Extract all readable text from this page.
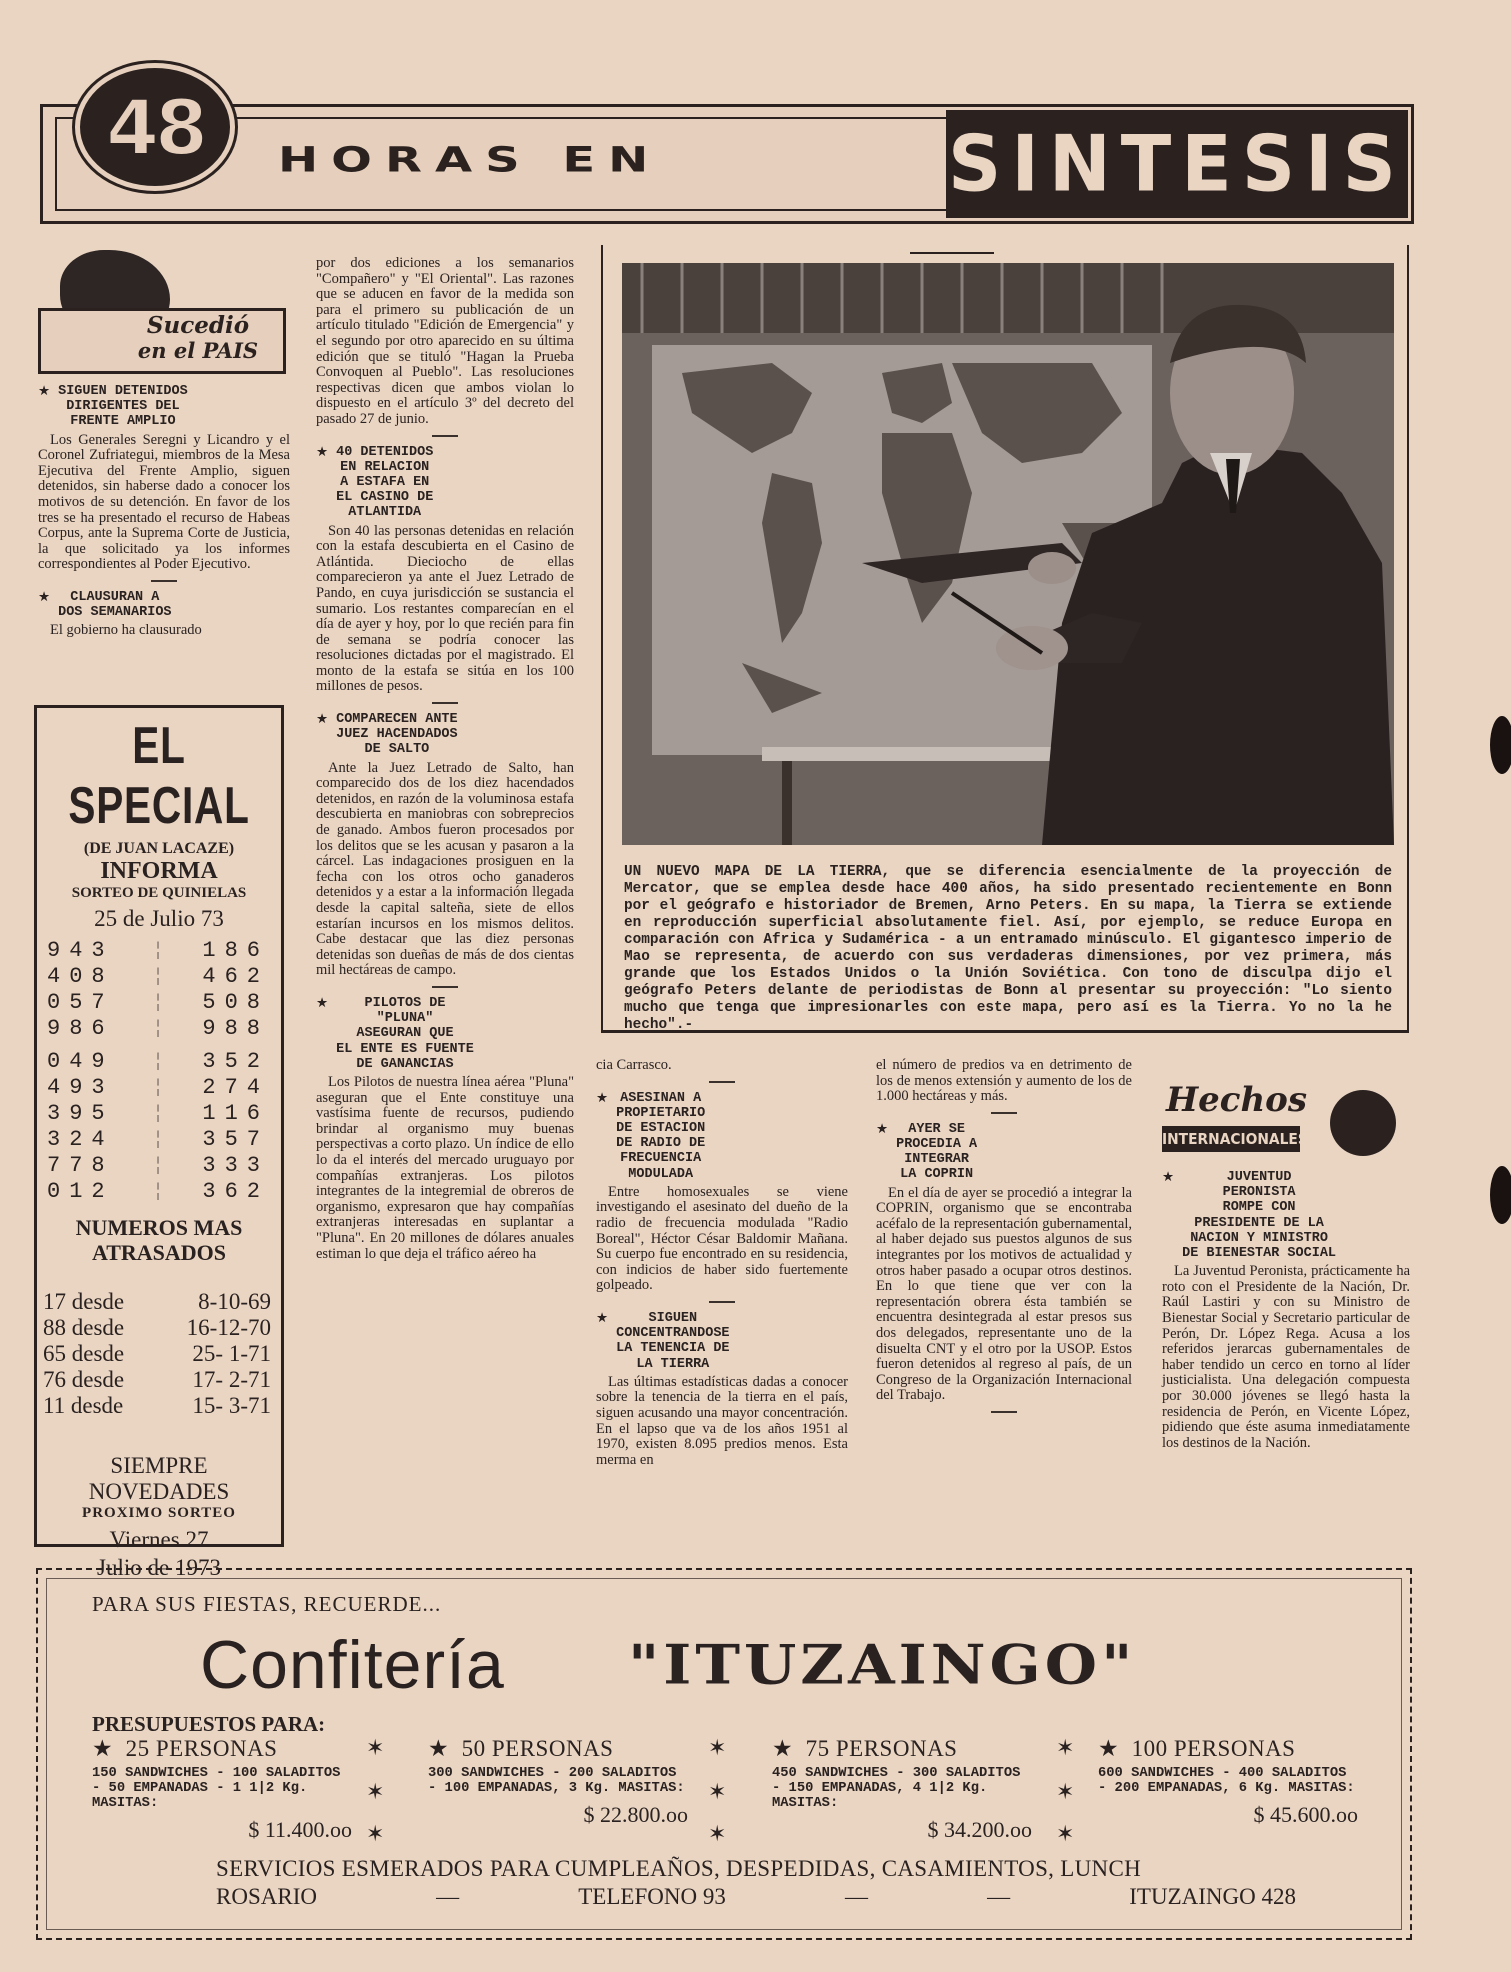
48 HORAS EN	SINTESIS
Sucedió
en el PAIS
★ SIGUEN DETENIDOS
DIRIGENTES DEL
FRENTE AMPLIO

Los Generales Seregni y Licandro y el Coronel Zufriategui, miembros de la Mesa Ejecutiva del Frente Amplio, siguen detenidos, sin haberse dado a conocer los motivos de su detención. En favor de los tres se ha presentado el recurso de Habeas Corpus, ante la Suprema Corte de Justicia, la que solicitado ya los informes correspondientes al Poder Ejecutivo.

★ CLAUSURAN A
DOS SEMANARIOS

El gobierno ha clausurado

EL SPECIAL
(DE JUAN LACAZE)
INFORMA
SORTEO DE QUINIELAS
25 de Julio 73
943 ¦ 186
408 ¦ 462
057 ¦ 508
986 ¦ 988
049 ¦ 352
493 ¦ 274
395 ¦ 116
324 ¦ 357
778 ¦ 333
012 ¦ 362
NUMEROS MAS
ATRASADOS
17 desde	8-10-69
88 desde	16-12-70
65 desde	25- 1-71
76 desde	17- 2-71
11 desde	15- 3-71
SIEMPRE
NOVEDADES
PROXIMO SORTEO
Viernes 27
Julio de 1973

por dos ediciones a los semanarios "Compañero" y "El Oriental". Las razones que se aducen en favor de la medida son para el primero su publicación de un artículo titulado "Edición de Emergencia" y el segundo por otro aparecido en su última edición que se tituló "Hagan la Prueba Convoquen al Pueblo". Las resoluciones respectivas dicen que ambos violan lo dispuesto en el artículo 3º del decreto del pasado 27 de junio.

★ 40 DETENIDOS
EN RELACION
A ESTAFA EN
EL CASINO DE
ATLANTIDA

Son 40 las personas detenidas en relación con la estafa descubierta en el Casino de Atlántida. Dieciocho de ellas comparecieron ya ante el Juez Letrado de Pando, en cuya jurisdicción se sustancia el sumario. Los restantes comparecían en el día de ayer y hoy, por lo que recién para fin de semana se podría conocer las resoluciones dictadas por el magistrado. El monto de la estafa se sitúa en los 100 millones de pesos.

★ COMPARECEN ANTE
JUEZ HACENDADOS
DE SALTO

Ante la Juez Letrado de Salto, han comparecido dos de los diez hacendados detenidos, en razón de la voluminosa estafa descubierta en maniobras con sobreprecios de ganado. Ambos fueron procesados por los delitos que se les acusan y pasaron a la cárcel. Las indagaciones prosiguen en la fecha con los otros ocho ganaderos detenidos y a estar a la información llegada desde la capital salteña, siete de ellos estarían incursos en los mismos delitos. Cabe destacar que las diez personas detenidas son dueñas de más de dos cientas mil hectáreas de campo.

★	PILOTOS DE
"PLUNA"
ASEGURAN QUE
EL ENTE ES FUENTE
DE GANANCIAS

Los Pilotos de nuestra línea aérea "Pluna" aseguran que el Ente constituye una vastísima fuente de recursos, pudiendo brindar al organismo muy buenas perspectivas a corto plazo. Un índice de ello lo da el interés del mercado uruguayo por compañías extranjeras. Los pilotos integrantes de la integremial de obreros de organismo, expresaron que hay compañías extranjeras interesadas en suplantar a "Pluna". En 20 millones de dólares anuales estiman lo que deja el tráfico aéreo ha

UN NUEVO MAPA DE LA TIERRA, que se diferencia esencialmente de la proyección de Mercator, que se emplea desde hace 400 años, ha sido presentado recientemente en Bonn por el geógrafo e historiador de Bremen, Arno Peters. En su mapa, la Tierra se extiende en reproducción superficial absolutamente fiel. Así, por ejemplo, se reduce Europa en comparación con Africa y Sudamérica - a un entramado minúsculo. El gigantesco imperio de Mao se representa, de acuerdo con sus verdaderas dimensiones, por vez primera, más grande que los Estados Unidos o la Unión Soviética. Con tono de disculpa dijo el geógrafo Peters delante de periodistas de Bonn al presentar su proyección: "Lo siento mucho que tenga que impresionarles con este mapa, pero así es la Tierra. Yo no la he hecho".-

cia Carrasco.

★ ASESINAN A
PROPIETARIO
DE ESTACION
DE RADIO DE
FRECUENCIA
MODULADA

Entre homosexuales se viene investigando el asesinato del dueño de la radio de frecuencia modulada "Radio Boreal", Héctor César Baldomir Mañana. Su cuerpo fue encontrado en su residencia, con indicios de haber sido fuertemente golpeado.

★	SIGUEN
CONCENTRANDOSE
LA TENENCIA DE
LA TIERRA

Las últimas estadísticas dadas a conocer sobre la tenencia de la tierra en el país, siguen acusando una mayor concentración. En el lapso que va de los años 1951 al 1970, existen 8.095 predios menos. Esta merma en

el número de predios va en detrimento de los de menos extensión y aumento de los de 1.000 hectáreas y más.

★ AYER SE
PROCEDIA A
INTEGRAR
LA COPRIN

En el día de ayer se procedió a integrar la COPRIN, organismo que se encontraba acéfalo de la representación gubernamental, al haber dejado sus puestos algunos de sus integrantes por los motivos de actualidad y otros haber pasado a ocupar otros destinos. En lo que tiene que ver con la representación obrera ésta también se encuentra desintegrada al estar presos sus dos delegados, representante uno de la disuelta CNT y el otro por la USOP. Estos fueron detenidos al regreso al país, de un Congreso de la Organización Internacional del Trabajo.

Hechos
INTERNACIONALES
★	JUVENTUD
PERONISTA
ROMPE CON
PRESIDENTE DE LA
NACION Y MINISTRO
DE BIENESTAR SOCIAL

La Juventud Peronista, prácticamente ha roto con el Presidente de la Nación, Dr. Raúl Lastiri y con su Ministro de Bienestar Social y Secretario particular de Perón, Dr. López Rega. Acusa a los referidos jerarcas gubernamentales de haber tendido un cerco en torno al líder justicialista. Una delegación compuesta por 30.000 jóvenes se llegó hasta la residencia de Perón, en Vicente López, pidiendo que éste asuma inmediatamente los destinos de la Nación.

PARA SUS FIESTAS, RECUERDE...
Confitería "ITUZAINGO"
PRESUPUESTOS PARA:
★  25 PERSONAS
150 SANDWICHES - 100 SALADITOS - 50 EMPANADAS - 1 1|2 Kg. MASITAS:
$ 11.400.oo
★  50 PERSONAS
300 SANDWICHES - 200 SALADITOS - 100 EMPANADAS, 3 Kg. MASITAS:
$ 22.800.oo
★  75 PERSONAS
450 SANDWICHES - 300 SALADITOS - 150 EMPANADAS, 4 1|2 Kg. MASITAS:
$ 34.200.oo
★  100 PERSONAS
600 SANDWICHES - 400 SALADITOS - 200 EMPANADAS, 6 Kg. MASITAS:
$ 45.600.oo
✶
✶
✶
✶
✶
✶
✶
✶
✶
SERVICIOS ESMERADOS PARA CUMPLEAÑOS, DESPEDIDAS, CASAMIENTOS, LUNCH
ROSARIO	—	TELEFONO 93	—	—	ITUZAINGO 428
